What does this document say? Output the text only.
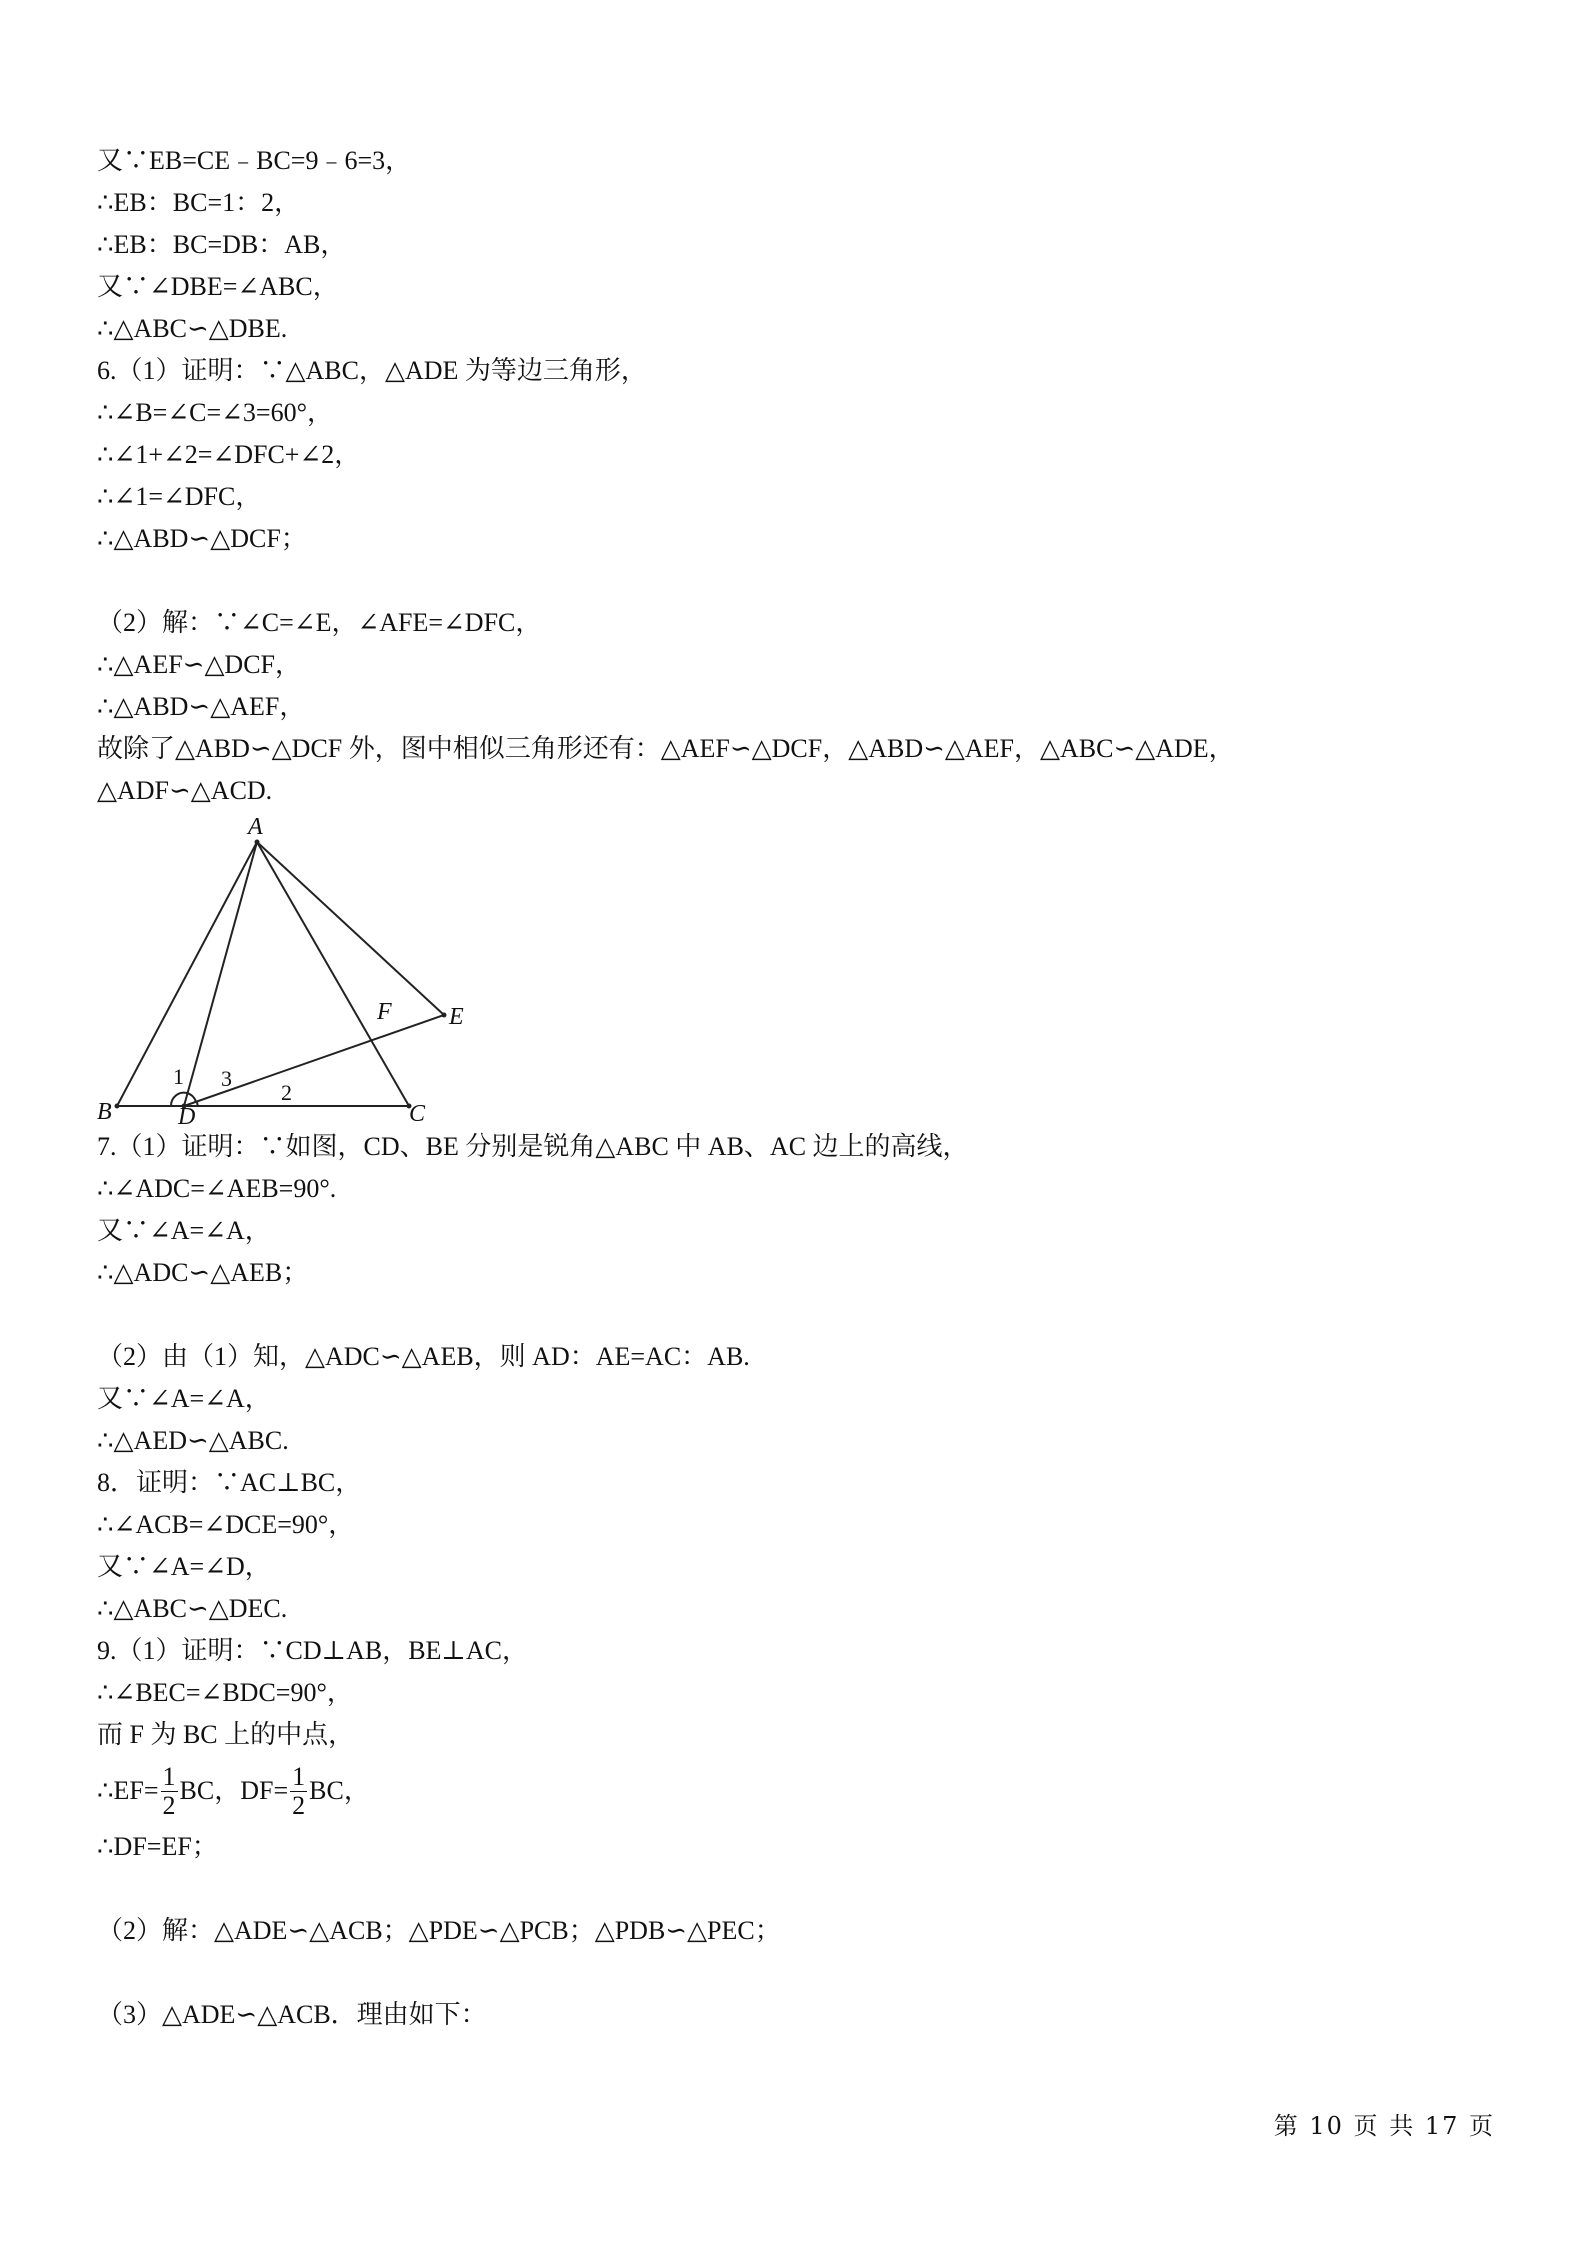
又∵EB=CE﹣BC=9﹣6=3，
∴EB：BC=1：2，
∴EB：BC=DB：AB，
又∵∠DBE=∠ABC，
∴△ABC∽△DBE.
6.（1）证明：∵△ABC，△ADE 为等边三角形，
∴∠B=∠C=∠3=60°，
∴∠1+∠2=∠DFC+∠2，
∴∠1=∠DFC，
∴△ABD∽△DCF；
（2）解：∵∠C=∠E，∠AFE=∠DFC，
∴△AEF∽△DCF，
∴△ABD∽△AEF，
故除了△ABD∽△DCF 外，图中相似三角形还有：△AEF∽△DCF，△ABD∽△AEF，△ABC∽△ADE，
△ADF∽△ACD.
A
B	C
D
E
F
1
2
3
7.（1）证明：∵如图，CD、BE 分别是锐角△ABC 中 AB、AC 边上的高线，
∴∠ADC=∠AEB=90°.
又∵∠A=∠A，
∴△ADC∽△AEB；
（2）由（1）知，△ADC∽△AEB，则 AD：AE=AC：AB.
又∵∠A=∠A，
∴△AED∽△ABC.
8．证明：∵AC⊥BC，
∴∠ACB=∠DCE=90°，
又∵∠A=∠D，
∴△ABC∽△DEC.
9.（1）证明：∵CD⊥AB，BE⊥AC，
∴∠BEC=∠BDC=90°，
而 F 为 BC 上的中点，
∴EF= $\frac{1}{2}$ BC，$DF= \frac{1}{2}$ BC，
∴DF=EF；
（2）解：△ADE∽△ACB；△PDE∽△PCB；△PDB∽△PEC；
（3）△ADE∽△ACB．理由如下：
第 10 页 共 17 页
